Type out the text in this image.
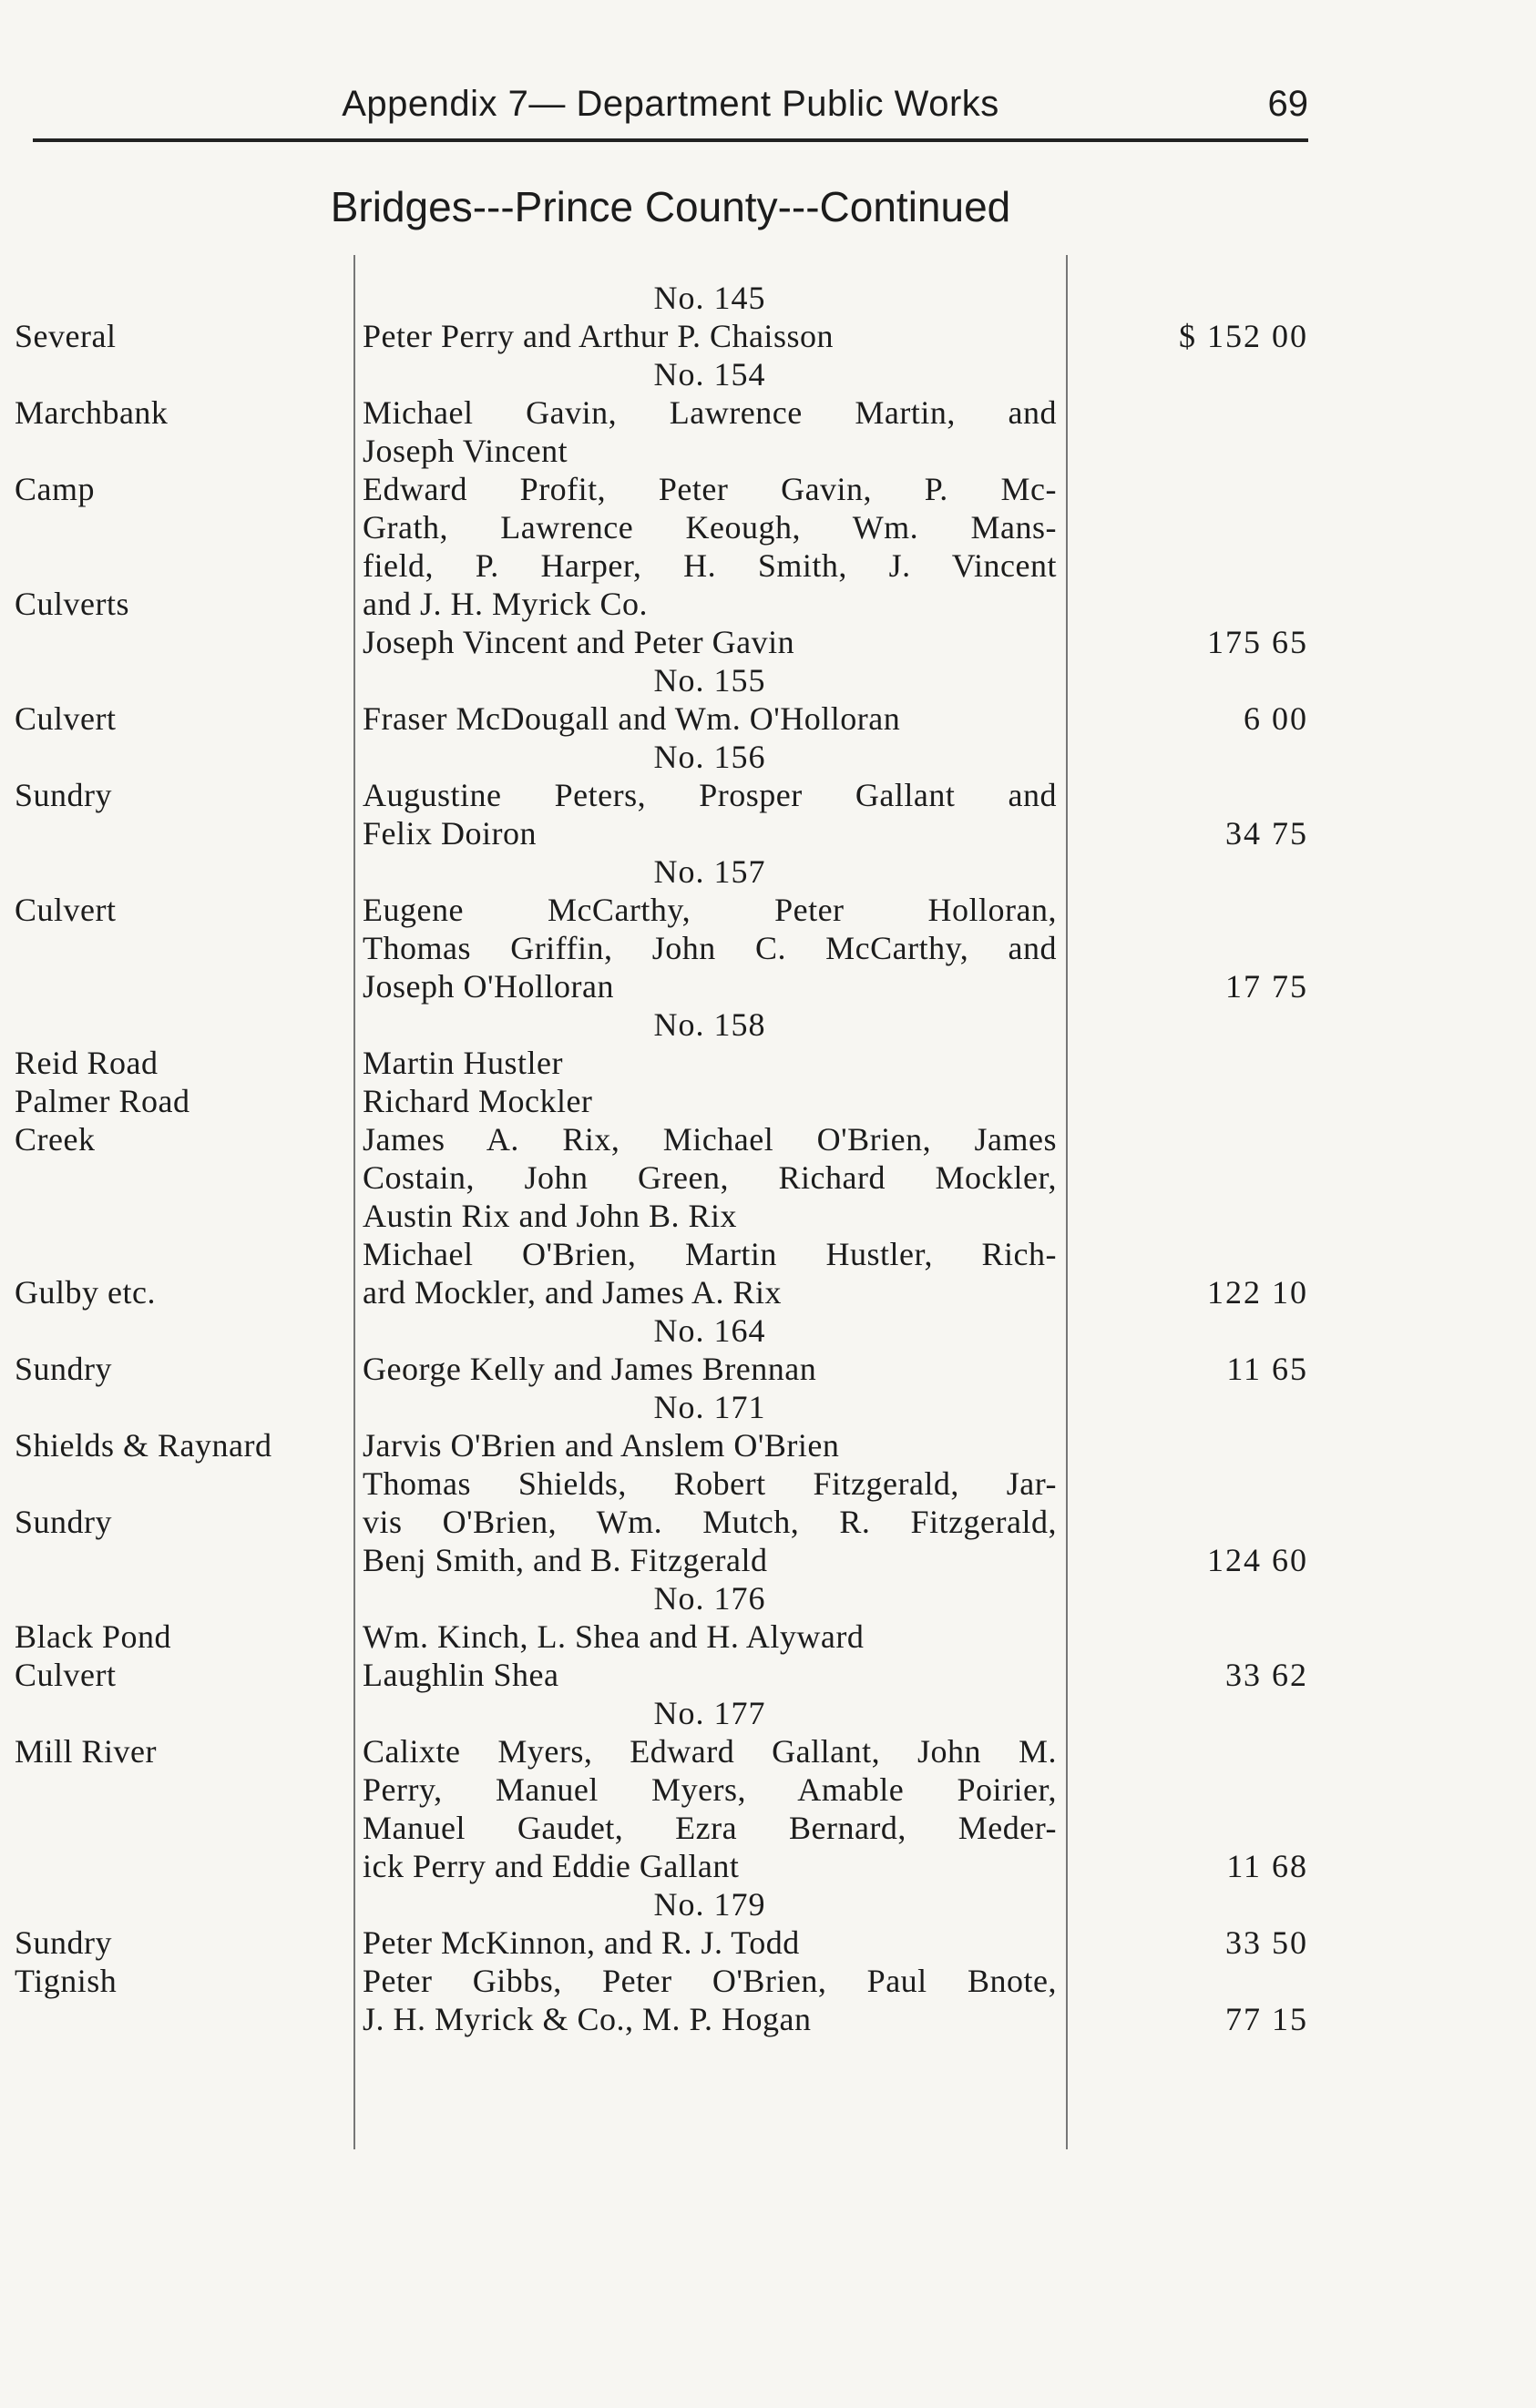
Appendix 7— Department Public Works	69
Bridges---Prince County---Continued
No. 145
Several	Peter Perry and Arthur P. Chaisson	$ 152 00
No. 154
Marchbank	Michael Gavin, Lawrence Martin, and
Joseph Vincent
Camp	Edward Profit, Peter Gavin, P. Mc-
Grath, Lawrence Keough, Wm. Mans-
field, P. Harper, H. Smith, J. Vincent
Culverts	and J. H. Myrick Co.
Joseph Vincent and Peter Gavin	175 65
No. 155
Culvert	Fraser McDougall and Wm. O'Holloran	6 00
No. 156
Sundry	Augustine Peters, Prosper Gallant and
Felix Doiron	34 75
No. 157
Culvert	Eugene McCarthy, Peter Holloran,
Thomas Griffin, John C. McCarthy, and
Joseph O'Holloran	17 75
No. 158
Reid Road	Martin Hustler
Palmer Road	Richard Mockler
Creek	James A. Rix, Michael O'Brien, James
Costain, John Green, Richard Mockler,
Austin Rix and John B. Rix
Michael O'Brien, Martin Hustler, Rich-
Gulby etc.	ard Mockler, and James A. Rix	122 10
No. 164
Sundry	George Kelly and James Brennan	11 65
No. 171
Shields & Raynard	Jarvis O'Brien and Anslem O'Brien
Thomas Shields, Robert Fitzgerald, Jar-
Sundry	vis O'Brien, Wm. Mutch, R. Fitzgerald,
Benj Smith, and B. Fitzgerald	124 60
No. 176
Black Pond	Wm. Kinch, L. Shea and H. Alyward
Culvert	Laughlin Shea	33 62
No. 177
Mill River	Calixte Myers, Edward Gallant, John M.
Perry, Manuel Myers, Amable Poirier,
Manuel Gaudet, Ezra Bernard, Meder-
ick Perry and Eddie Gallant	11 68
No. 179
Sundry	Peter McKinnon, and R. J. Todd	33 50
Tignish	Peter Gibbs, Peter O'Brien, Paul Bnote,
J. H. Myrick & Co., M. P. Hogan	77 15
